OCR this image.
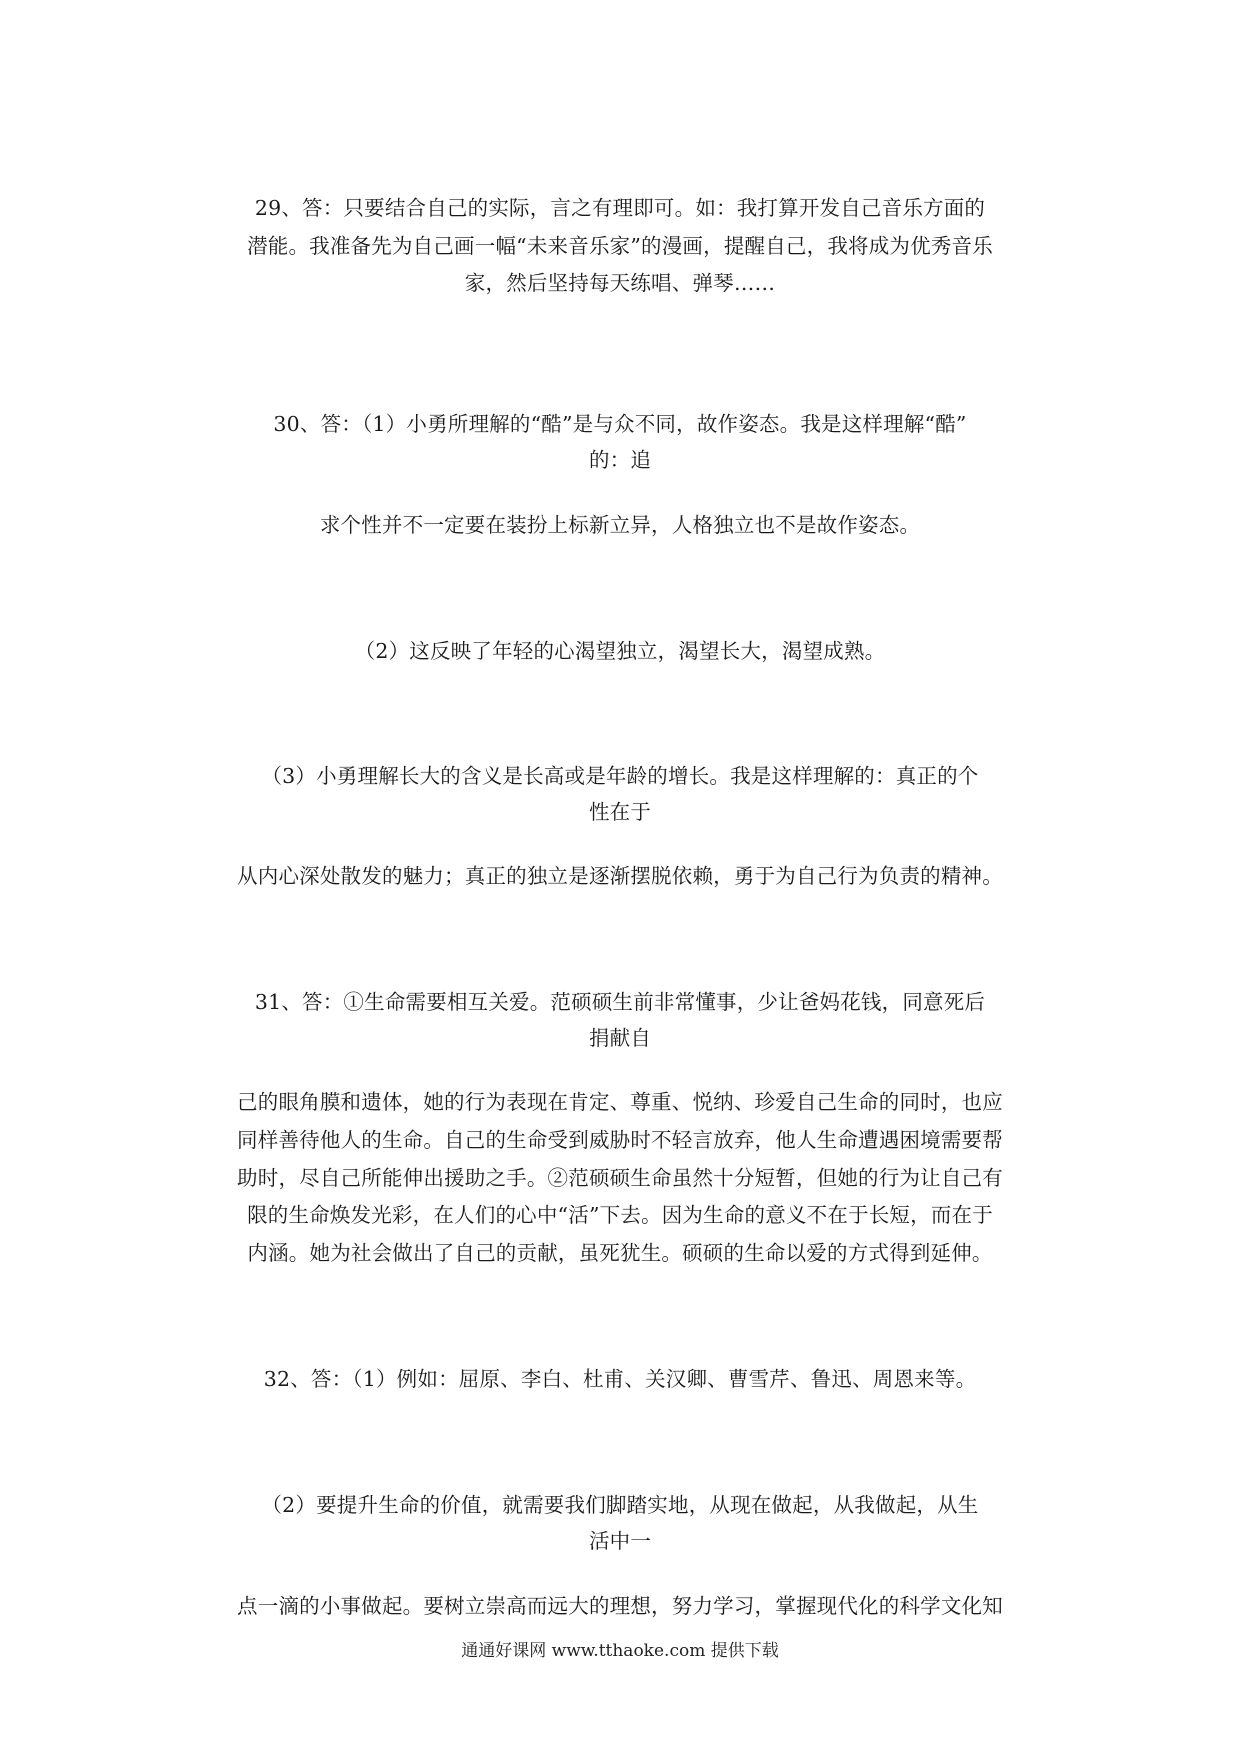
29、答：只要结合自己的实际，言之有理即可。如：我打算开发自己音乐方面的
潜能。我准备先为自己画一幅“未来音乐家”的漫画，提醒自己，我将成为优秀音乐
家，然后坚持每天练唱、弹琴……
30、答：（1）小勇所理解的“酷”是与众不同，故作姿态。我是这样理解“酷”
的：追
求个性并不一定要在装扮上标新立异，人格独立也不是故作姿态。
（2）这反映了年轻的心渴望独立，渴望长大，渴望成熟。
（3）小勇理解长大的含义是长高或是年龄的增长。我是这样理解的：真正的个
性在于
从内心深处散发的魅力；真正的独立是逐渐摆脱依赖，勇于为自己行为负责的精神。
31、答：①生命需要相互关爱。范硕硕生前非常懂事，少让爸妈花钱，同意死后
捐献自
己的眼角膜和遗体，她的行为表现在肯定、尊重、悦纳、珍爱自己生命的同时，也应
同样善待他人的生命。自己的生命受到威胁时不轻言放弃，他人生命遭遇困境需要帮
助时，尽自己所能伸出援助之手。②范硕硕生命虽然十分短暂，但她的行为让自己有
限的生命焕发光彩，在人们的心中“活”下去。因为生命的意义不在于长短，而在于
内涵。她为社会做出了自己的贡献，虽死犹生。硕硕的生命以爱的方式得到延伸。
32、答：（1）例如：屈原、李白、杜甫、关汉卿、曹雪芹、鲁迅、周恩来等。
（2）要提升生命的价值，就需要我们脚踏实地，从现在做起，从我做起，从生
活中一
点一滴的小事做起。要树立崇高而远大的理想，努力学习，掌握现代化的科学文化知
通通好课网 www.tthaoke.com 提供下载
